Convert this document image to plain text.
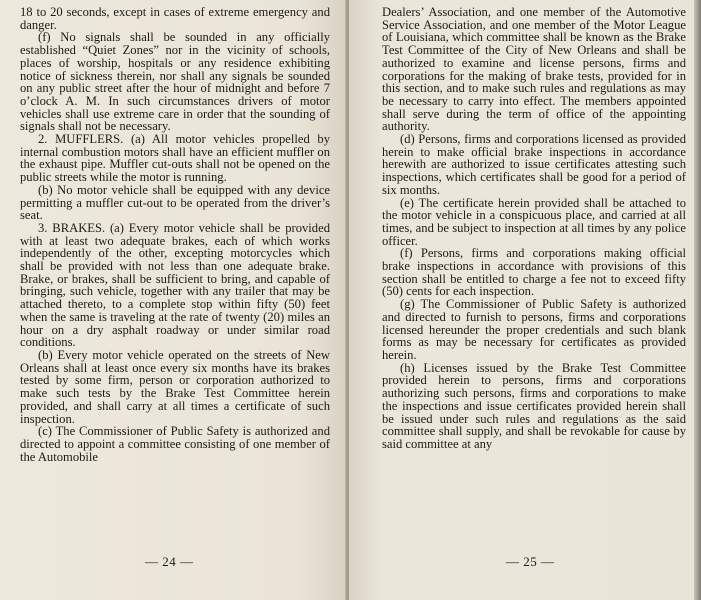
18 to 20 seconds, except in cases of extreme emergency and danger.

(f) No signals shall be sounded in any officially established “Quiet Zones” nor in the vicinity of schools, places of worship, hospitals or any residence exhibiting notice of sickness therein, nor shall any signals be sounded on any public street after the hour of midnight and before 7 o’clock A. M. In such circumstances drivers of motor vehicles shall use extreme care in order that the sounding of signals shall not be necessary.

2. MUFFLERS. (a) All motor vehicles propelled by internal combustion motors shall have an efficient muffler on the exhaust pipe. Muffler cut-outs shall not be opened on the public streets while the motor is running.

(b) No motor vehicle shall be equipped with any device permitting a muffler cut-out to be operated from the driver’s seat.

3. BRAKES. (a) Every motor vehicle shall be provided with at least two adequate brakes, each of which works independently of the other, excepting motorcycles which shall be provided with not less than one adequate brake. Brake, or brakes, shall be sufficient to bring, and capable of bringing, such vehicle, together with any trailer that may be attached thereto, to a complete stop within fifty (50) feet when the same is traveling at the rate of twenty (20) miles an hour on a dry asphalt roadway or under similar road conditions.

(b) Every motor vehicle operated on the streets of New Orleans shall at least once every six months have its brakes tested by some firm, person or corporation authorized to make such tests by the Brake Test Committee herein provided, and shall carry at all times a certificate of such inspection.

(c) The Commissioner of Public Safety is authorized and directed to appoint a committee consisting of one member of the Automobile

— 24 —

Dealers’ Association, and one member of the Automotive Service Association, and one member of the Motor League of Louisiana, which committee shall be known as the Brake Test Committee of the City of New Orleans and shall be authorized to examine and license persons, firms and corporations for the making of brake tests, provided for in this section, and to make such rules and regulations as may be necessary to carry into effect. The members appointed shall serve during the term of office of the appointing authority.

(d) Persons, firms and corporations licensed as provided herein to make official brake inspections in accordance herewith are authorized to issue certificates attesting such inspections, which certificates shall be good for a period of six months.

(e) The certificate herein provided shall be attached to the motor vehicle in a conspicuous place, and carried at all times, and be subject to inspection at all times by any police officer.

(f) Persons, firms and corporations making official brake inspections in accordance with provisions of this section shall be entitled to charge a fee not to exceed fifty (50) cents for each inspection.

(g) The Commissioner of Public Safety is authorized and directed to furnish to persons, firms and corporations licensed hereunder the proper credentials and such blank forms as may be necessary for certificates as provided herein.

(h) Licenses issued by the Brake Test Committee provided herein to persons, firms and corporations authorizing such persons, firms and corporations to make the inspections and issue certificates provided herein shall be issued under such rules and regulations as the said committee shall supply, and shall be revokable for cause by said committee at any

— 25 —
